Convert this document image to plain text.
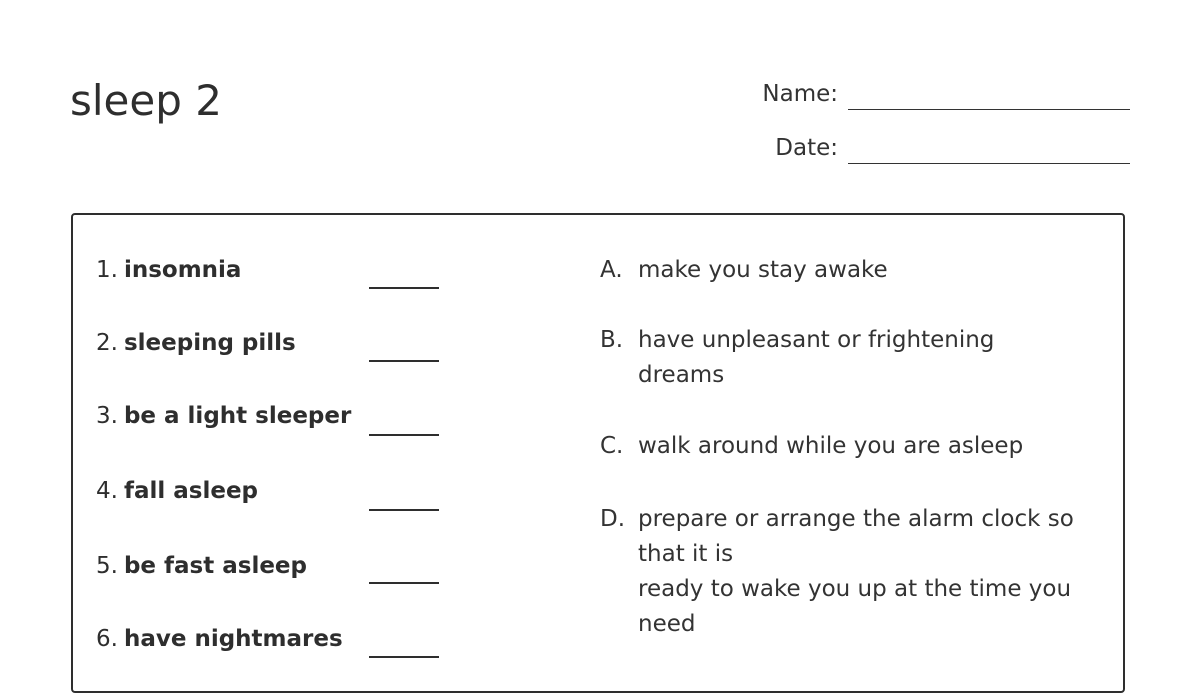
sleep 2	Name:
Date:
1. insomnia
2. sleeping pills
3. be a light sleeper
4. fall asleep
5. be fast asleep
6. have nightmares
A. make you stay awake
B. have unpleasant or frightening dreams
C. walk around while you are asleep
D. prepare or arrange the alarm clock so that it is
ready to wake you up at the time you need
